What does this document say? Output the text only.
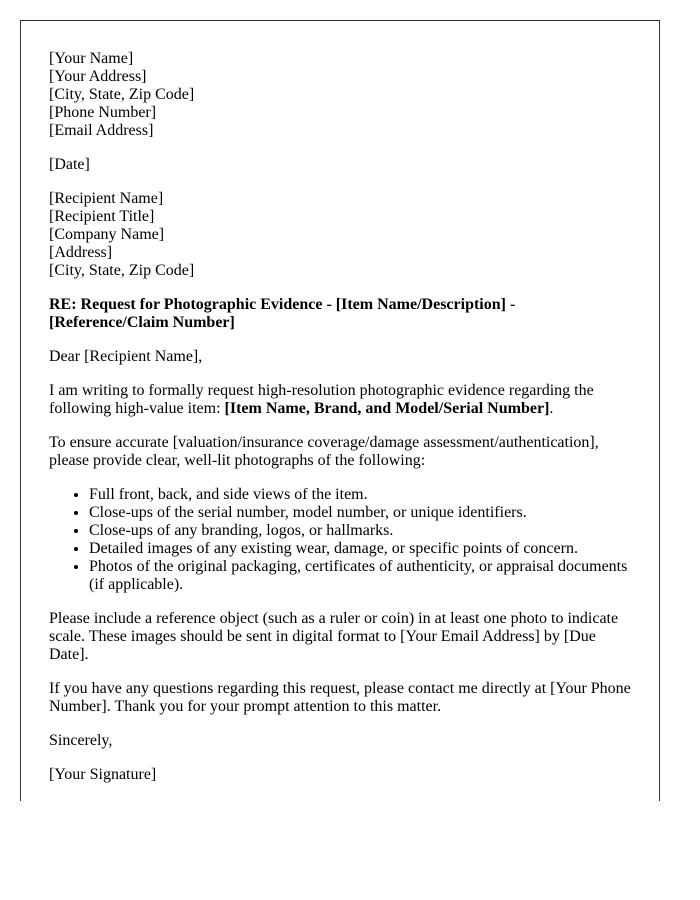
[Your Name]
[Your Address]
[City, State, Zip Code]
[Phone Number]
[Email Address]

[Date]

[Recipient Name]
[Recipient Title]
[Company Name]
[Address]
[City, State, Zip Code]

RE: Request for Photographic Evidence - [Item Name/Description] - [Reference/Claim Number]

Dear [Recipient Name],

I am writing to formally request high-resolution photographic evidence regarding the following high-value item: [Item Name, Brand, and Model/Serial Number].

To ensure accurate [valuation/insurance coverage/damage assessment/authentication], please provide clear, well-lit photographs of the following:

• Full front, back, and side views of the item.
• Close-ups of the serial number, model number, or unique identifiers.
• Close-ups of any branding, logos, or hallmarks.
• Detailed images of any existing wear, damage, or specific points of concern.
• Photos of the original packaging, certificates of authenticity, or appraisal documents (if applicable).

Please include a reference object (such as a ruler or coin) in at least one photo to indicate scale. These images should be sent in digital format to [Your Email Address] by [Due Date].

If you have any questions regarding this request, please contact me directly at [Your Phone Number]. Thank you for your prompt attention to this matter.

Sincerely,

[Your Signature]
